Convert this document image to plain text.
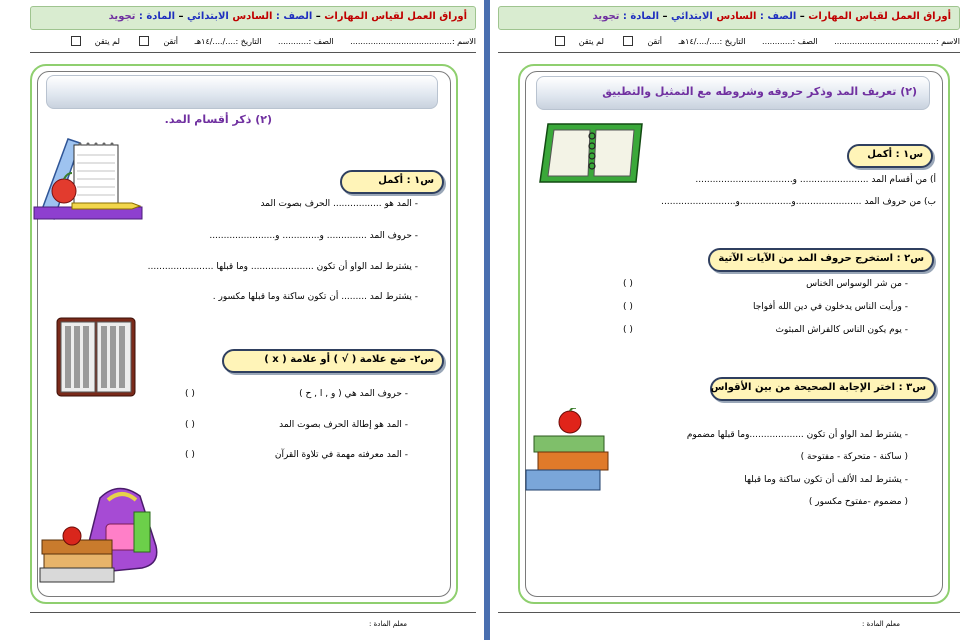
أوراق العمل لقياس المهارات – الصف : السادس الابتدائي – المادة : تجويد
الاسم :........................................ الصف :............ التاريخ :..../..../١٤هـ أتقن لم يتقن
(٢) ذكر أقسام المد.
س١ : أكمل
- المد هو ................. الحرف بصوت المد
- حروف المد .............. و............. و.......................
- يشترط لمد الواو أن تكون ...................... وما قبلها .......................
- يشترط لمد ......... أن تكون ساكنة وما قبلها مكسور .
س٢- ضع علامة ( √ ) أو علامة ( x )
- حروف المد هي ( و , ا , ح )
( )
- المد هو إطالة الحرف بصوت المد
( )
- المد معرفته مهمة في تلاوة القرآن
( )
معلم المادة :
أوراق العمل لقياس المهارات – الصف : السادس الابتدائي – المادة : تجويد
الاسم :........................................ الصف :............ التاريخ :..../..../١٤هـ أتقن لم يتقن
(٢) تعريف المد وذكر حروفه وشروطه مع التمثيل والتطبيق
س١ : أكمل
أ) من أقسام المد ........................ و..................................
ب) من حروف المد .......................و..................و..........................
س٢ : استخرج حروف المد من الآيات الآتية
- من شر الوسواس الخناس
( )
- ورأيت الناس يدخلون في دين الله أفواجا
( )
- يوم يكون الناس كالفراش المبثوث
( )
س٣ : اختر الإجابة الصحيحة من بين الأقواس
- يشترط لمد الواو أن تكون ...................وما قبلها مضموم
( ساكنة - متحركة - مفتوحة )
- يشترط لمد الألف أن تكون ساكنة وما قبلها
( مضموم -مفتوح مكسور )
معلم المادة :
